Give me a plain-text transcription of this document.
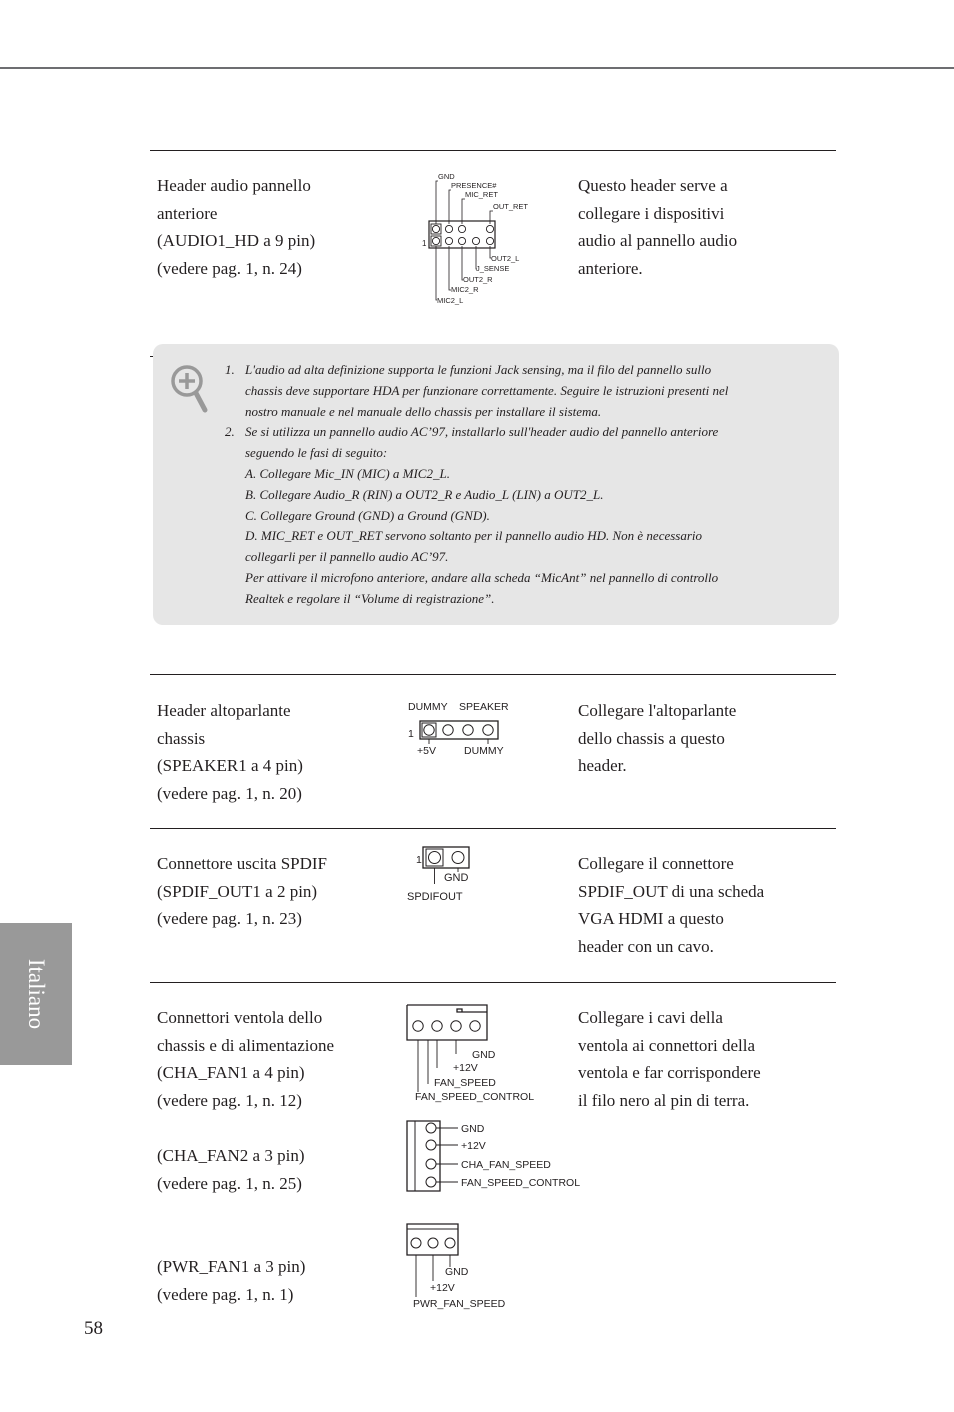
Header audio pannello
anteriore
(AUDIO1_HD a 9 pin)
(vedere pag. 1, n. 24)
Questo header serve a
collegare i dispositivi
audio al pannello audio
anteriore.
1
GND
PRESENCE#
MIC_RET
OUT_RET
OUT2_L
J_SENSE
OUT2_R
MIC2_R
MIC2_L
1. L'audio ad alta definizione supporta le funzioni Jack sensing, ma il filo del pannello sullo
chassis deve supportare HDA per funzionare correttamente. Seguire le istruzioni presenti nel
nostro manuale e nel manuale dello chassis per installare il sistema.
2. Se si utilizza un pannello audio AC’97, installarlo sull'header audio del pannello anteriore
seguendo le fasi di seguito:
A. Collegare Mic_IN (MIC) a MIC2_L.
B. Collegare Audio_R (RIN) a OUT2_R e Audio_L (LIN) a OUT2_L.
C. Collegare Ground (GND) a Ground (GND).
D. MIC_RET e OUT_RET servono soltanto per il pannello audio HD. Non è necessario
collegarli per il pannello audio AC’97.
Per attivare il microfono anteriore, andare alla scheda “MicAnt” nel pannello di controllo
Realtek e regolare il “Volume di registrazione”.
Header altoparlante
chassis
(SPEAKER1 a 4 pin)
(vedere pag. 1, n. 20)
Collegare l'altoparlante
dello chassis a questo
header.
DUMMY SPEAKER
1
+5V	DUMMY
Connettore uscita SPDIF
(SPDIF_OUT1 a 2 pin)
(vedere pag. 1, n. 23)
Collegare il connettore
SPDIF_OUT di una scheda
VGA HDMI a questo
header con un cavo.
1
GND
SPDIFOUT
Connettori ventola dello
chassis e di alimentazione
(CHA_FAN1 a 4 pin)
(vedere pag. 1, n. 12)
(CHA_FAN2 a 3 pin)
(vedere pag. 1, n. 25)
(PWR_FAN1 a 3 pin)
(vedere pag. 1, n. 1)
Collegare i cavi della
ventola ai connettori della
ventola e far corrispondere
il filo nero al pin di terra.
GND
+12V
FAN_SPEED
FAN_SPEED_CONTROL
GND
+12V
CHA_FAN_SPEED
FAN_SPEED_CONTROL
GND
+12V
PWR_FAN_SPEED
Italiano
58
